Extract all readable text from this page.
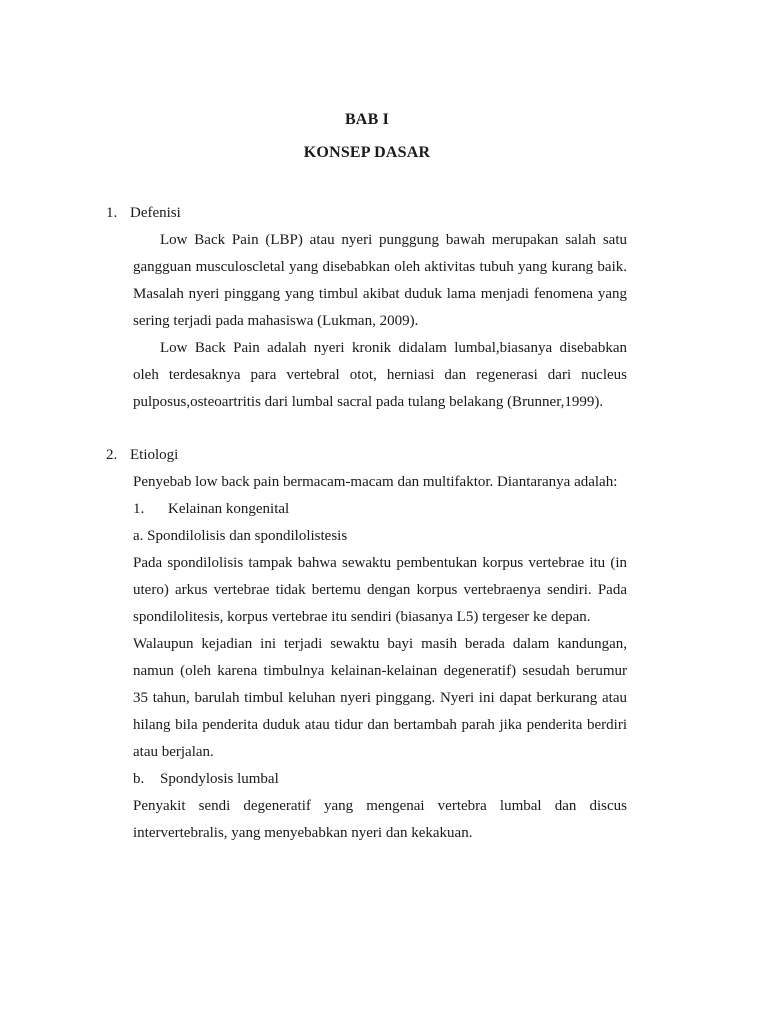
BAB I
KONSEP DASAR
1. Defenisi
Low Back Pain (LBP) atau nyeri punggung bawah merupakan salah satu
gangguan musculoscletal yang disebabkan oleh aktivitas tubuh yang kurang baik.
Masalah nyeri pinggang yang timbul akibat duduk lama menjadi fenomena yang
sering terjadi pada mahasiswa (Lukman, 2009).
Low Back Pain adalah nyeri kronik didalam lumbal,biasanya disebabkan
oleh terdesaknya para vertebral otot, herniasi dan regenerasi dari nucleus
pulposus,osteoartritis dari lumbal sacral pada tulang belakang (Brunner,1999).
2. Etiologi
Penyebab low back pain bermacam-macam dan multifaktor. Diantaranya adalah:
1. Kelainan kongenital
a. Spondilolisis dan spondilolistesis
Pada spondilolisis tampak bahwa sewaktu pembentukan korpus vertebrae itu (in
utero) arkus vertebrae tidak bertemu dengan korpus vertebraenya sendiri. Pada
spondilolitesis, korpus vertebrae itu sendiri (biasanya L5) tergeser ke depan.
Walaupun kejadian ini terjadi sewaktu bayi masih berada dalam kandungan,
namun (oleh karena timbulnya kelainan-kelainan degeneratif) sesudah berumur
35 tahun, barulah timbul keluhan nyeri pinggang. Nyeri ini dapat berkurang atau
hilang bila penderita duduk atau tidur dan bertambah parah jika penderita berdiri
atau berjalan.
b. Spondylosis lumbal
Penyakit sendi degeneratif yang mengenai vertebra lumbal dan discus
intervertebralis, yang menyebabkan nyeri dan kekakuan.
